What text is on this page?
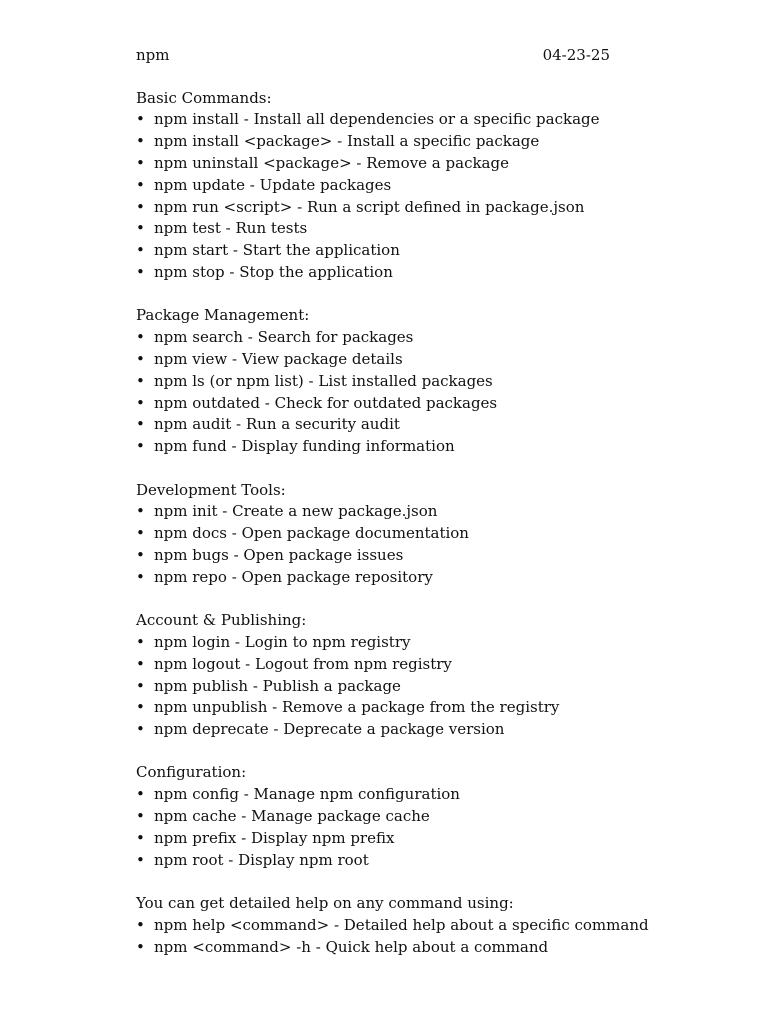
npm	04-23-25
Basic Commands:
• npm install - Install all dependencies or a specific package
• npm install <package> - Install a specific package
• npm uninstall <package> - Remove a package
• npm update - Update packages
• npm run <script> - Run a script defined in package.json
• npm test - Run tests
• npm start - Start the application
• npm stop - Stop the application
Package Management:
• npm search - Search for packages
• npm view - View package details
• npm ls (or npm list) - List installed packages
• npm outdated - Check for outdated packages
• npm audit - Run a security audit
• npm fund - Display funding information
Development Tools:
• npm init - Create a new package.json
• npm docs - Open package documentation
• npm bugs - Open package issues
• npm repo - Open package repository
Account & Publishing:
• npm login - Login to npm registry
• npm logout - Logout from npm registry
• npm publish - Publish a package
• npm unpublish - Remove a package from the registry
• npm deprecate - Deprecate a package version
Configuration:
• npm config - Manage npm configuration
• npm cache - Manage package cache
• npm prefix - Display npm prefix
• npm root - Display npm root
You can get detailed help on any command using:
• npm help <command> - Detailed help about a specific command
• npm <command> -h - Quick help about a command
